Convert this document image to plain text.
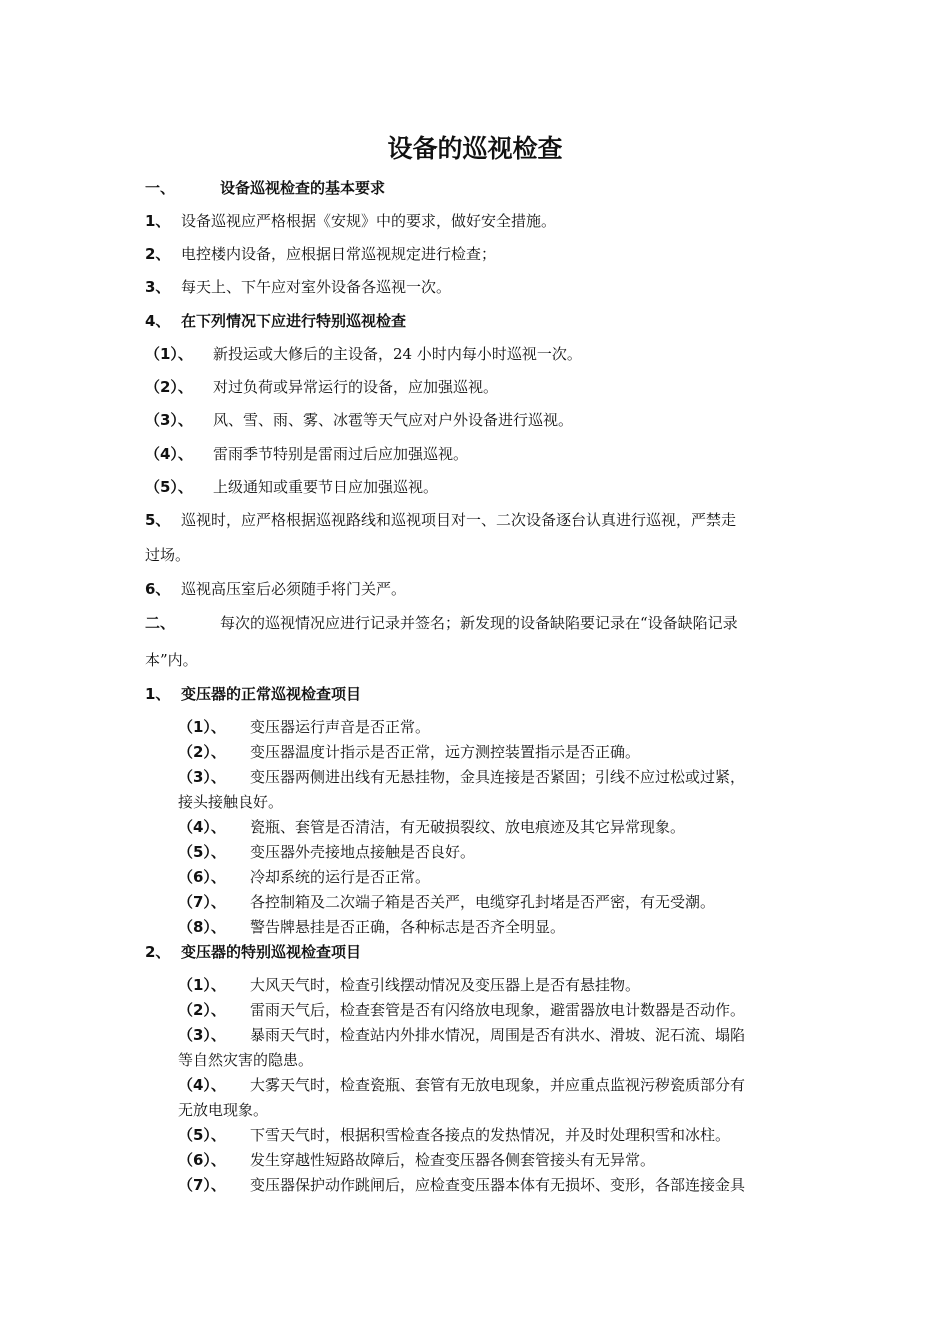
设备的巡视检查
一、	设备巡视检查的基本要求
1、 设备巡视应严格根据《安规》中的要求，做好安全措施。
2、 电控楼内设备，应根据日常巡视规定进行检查；
3、 每天上、下午应对室外设备各巡视一次。
4、 在下列情况下应进行特别巡视检查
（1）、 新投运或大修后的主设备，24 小时内每小时巡视一次。
（2）、 对过负荷或异常运行的设备，应加强巡视。
（3）、 风、雪、雨、雾、冰雹等天气应对户外设备进行巡视。
（4）、 雷雨季节特别是雷雨过后应加强巡视。
（5）、 上级通知或重要节日应加强巡视。
5、 巡视时，应严格根据巡视路线和巡视项目对一、二次设备逐台认真进行巡视，严禁走
过场。
6、 巡视高压室后必须随手将门关严。
二、	每次的巡视情况应进行记录并签名；新发现的设备缺陷要记录在“设备缺陷记录
本”内。
1、 变压器的正常巡视检查项目
（1）、 变压器运行声音是否正常。
（2）、 变压器温度计指示是否正常，远方测控装置指示是否正确。
（3）、 变压器两侧进出线有无悬挂物，金具连接是否紧固；引线不应过松或过紧，
接头接触良好。
（4）、 瓷瓶、套管是否清洁，有无破损裂纹、放电痕迹及其它异常现象。
（5）、 变压器外壳接地点接触是否良好。
（6）、 冷却系统的运行是否正常。
（7）、 各控制箱及二次端子箱是否关严，电缆穿孔封堵是否严密，有无受潮。
（8）、 警告牌悬挂是否正确，各种标志是否齐全明显。
2、 变压器的特别巡视检查项目
（1）、 大风天气时，检查引线摆动情况及变压器上是否有悬挂物。
（2）、 雷雨天气后，检查套管是否有闪络放电现象，避雷器放电计数器是否动作。
（3）、 暴雨天气时，检查站内外排水情况，周围是否有洪水、滑坡、泥石流、塌陷
等自然灾害的隐患。
（4）、 大雾天气时，检查瓷瓶、套管有无放电现象，并应重点监视污秽瓷质部分有
无放电现象。
（5）、 下雪天气时，根据积雪检查各接点的发热情况，并及时处理积雪和冰柱。
（6）、 发生穿越性短路故障后，检查变压器各侧套管接头有无异常。
（7）、 变压器保护动作跳闸后，应检查变压器本体有无损坏、变形，各部连接金具
